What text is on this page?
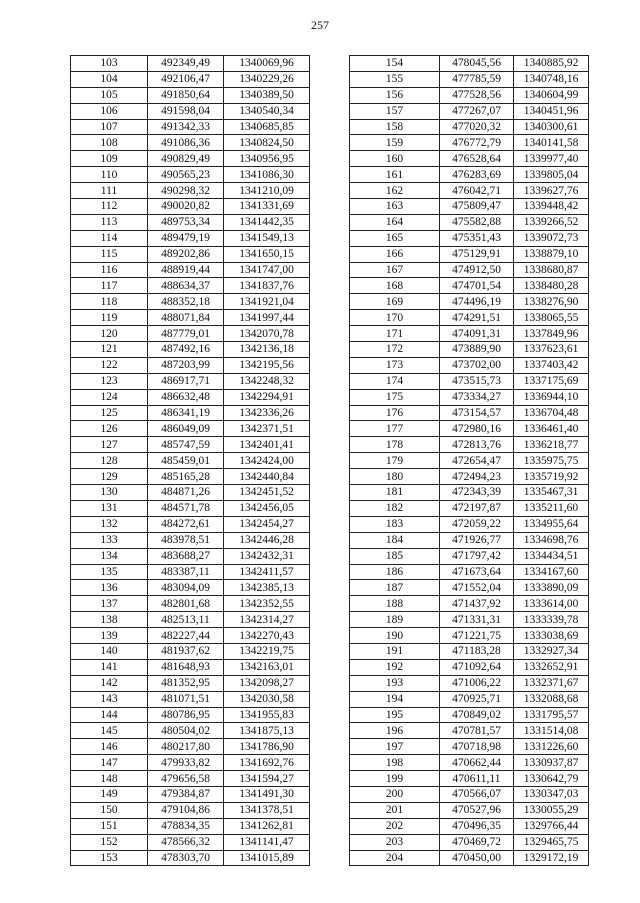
257
103	492349,49	1340069,96
104	492106,47	1340229,26
105	491850,64	1340389,50
106	491598,04	1340540,34
107	491342,33	1340685,85
108	491086,36	1340824,50
109	490829,49	1340956,95
110	490565,23	1341086,30
111	490298,32	1341210,09
112	490020,82	1341331,69
113	489753,34	1341442,35
114	489479,19	1341549,13
115	489202,86	1341650,15
116	488919,44	1341747,00
117	488634,37	1341837,76
118	488352,18	1341921,04
119	488071,84	1341997,44
120	487779,01	1342070,78
121	487492,16	1342136,18
122	487203,99	1342195,56
123	486917,71	1342248,32
124	486632,48	1342294,91
125	486341,19	1342336,26
126	486049,09	1342371,51
127	485747,59	1342401,41
128	485459,01	1342424,00
129	485165,28	1342440,84
130	484871,26	1342451,52
131	484571,78	1342456,05
132	484272,61	1342454,27
133	483978,51	1342446,28
134	483688,27	1342432,31
135	483387,11	1342411,57
136	483094,09	1342385,13
137	482801,68	1342352,55
138	482513,11	1342314,27
139	482227,44	1342270,43
140	481937,62	1342219,75
141	481648,93	1342163,01
142	481352,95	1342098,27
143	481071,51	1342030,58
144	480786,95	1341955,83
145	480504,02	1341875,13
146	480217,80	1341786,90
147	479933,82	1341692,76
148	479656,58	1341594,27
149	479384,87	1341491,30
150	479104,86	1341378,51
151	478834,35	1341262,81
152	478566,32	1341141,47
153	478303,70	1341015,89
154	478045,56	1340885,92
155	477785,59	1340748,16
156	477528,56	1340604,99
157	477267,07	1340451,96
158	477020,32	1340300,61
159	476772,79	1340141,58
160	476528,64	1339977,40
161	476283,69	1339805,04
162	476042,71	1339627,76
163	475809,47	1339448,42
164	475582,88	1339266,52
165	475351,43	1339072,73
166	475129,91	1338879,10
167	474912,50	1338680,87
168	474701,54	1338480,28
169	474496,19	1338276,90
170	474291,51	1338065,55
171	474091,31	1337849,96
172	473889,90	1337623,61
173	473702,00	1337403,42
174	473515,73	1337175,69
175	473334,27	1336944,10
176	473154,57	1336704,48
177	472980,16	1336461,40
178	472813,76	1336218,77
179	472654,47	1335975,75
180	472494,23	1335719,92
181	472343,39	1335467,31
182	472197,87	1335211,60
183	472059,22	1334955,64
184	471926,77	1334698,76
185	471797,42	1334434,51
186	471673,64	1334167,60
187	471552,04	1333890,09
188	471437,92	1333614,00
189	471331,31	1333339,78
190	471221,75	1333038,69
191	471183,28	1332927,34
192	471092,64	1332652,91
193	471006,22	1332371,67
194	470925,71	1332088,68
195	470849,02	1331795,57
196	470781,57	1331514,08
197	470718,98	1331226,60
198	470662,44	1330937,87
199	470611,11	1330642,79
200	470566,07	1330347,03
201	470527,96	1330055,29
202	470496,35	1329766,44
203	470469,72	1329465,75
204	470450,00	1329172,19
